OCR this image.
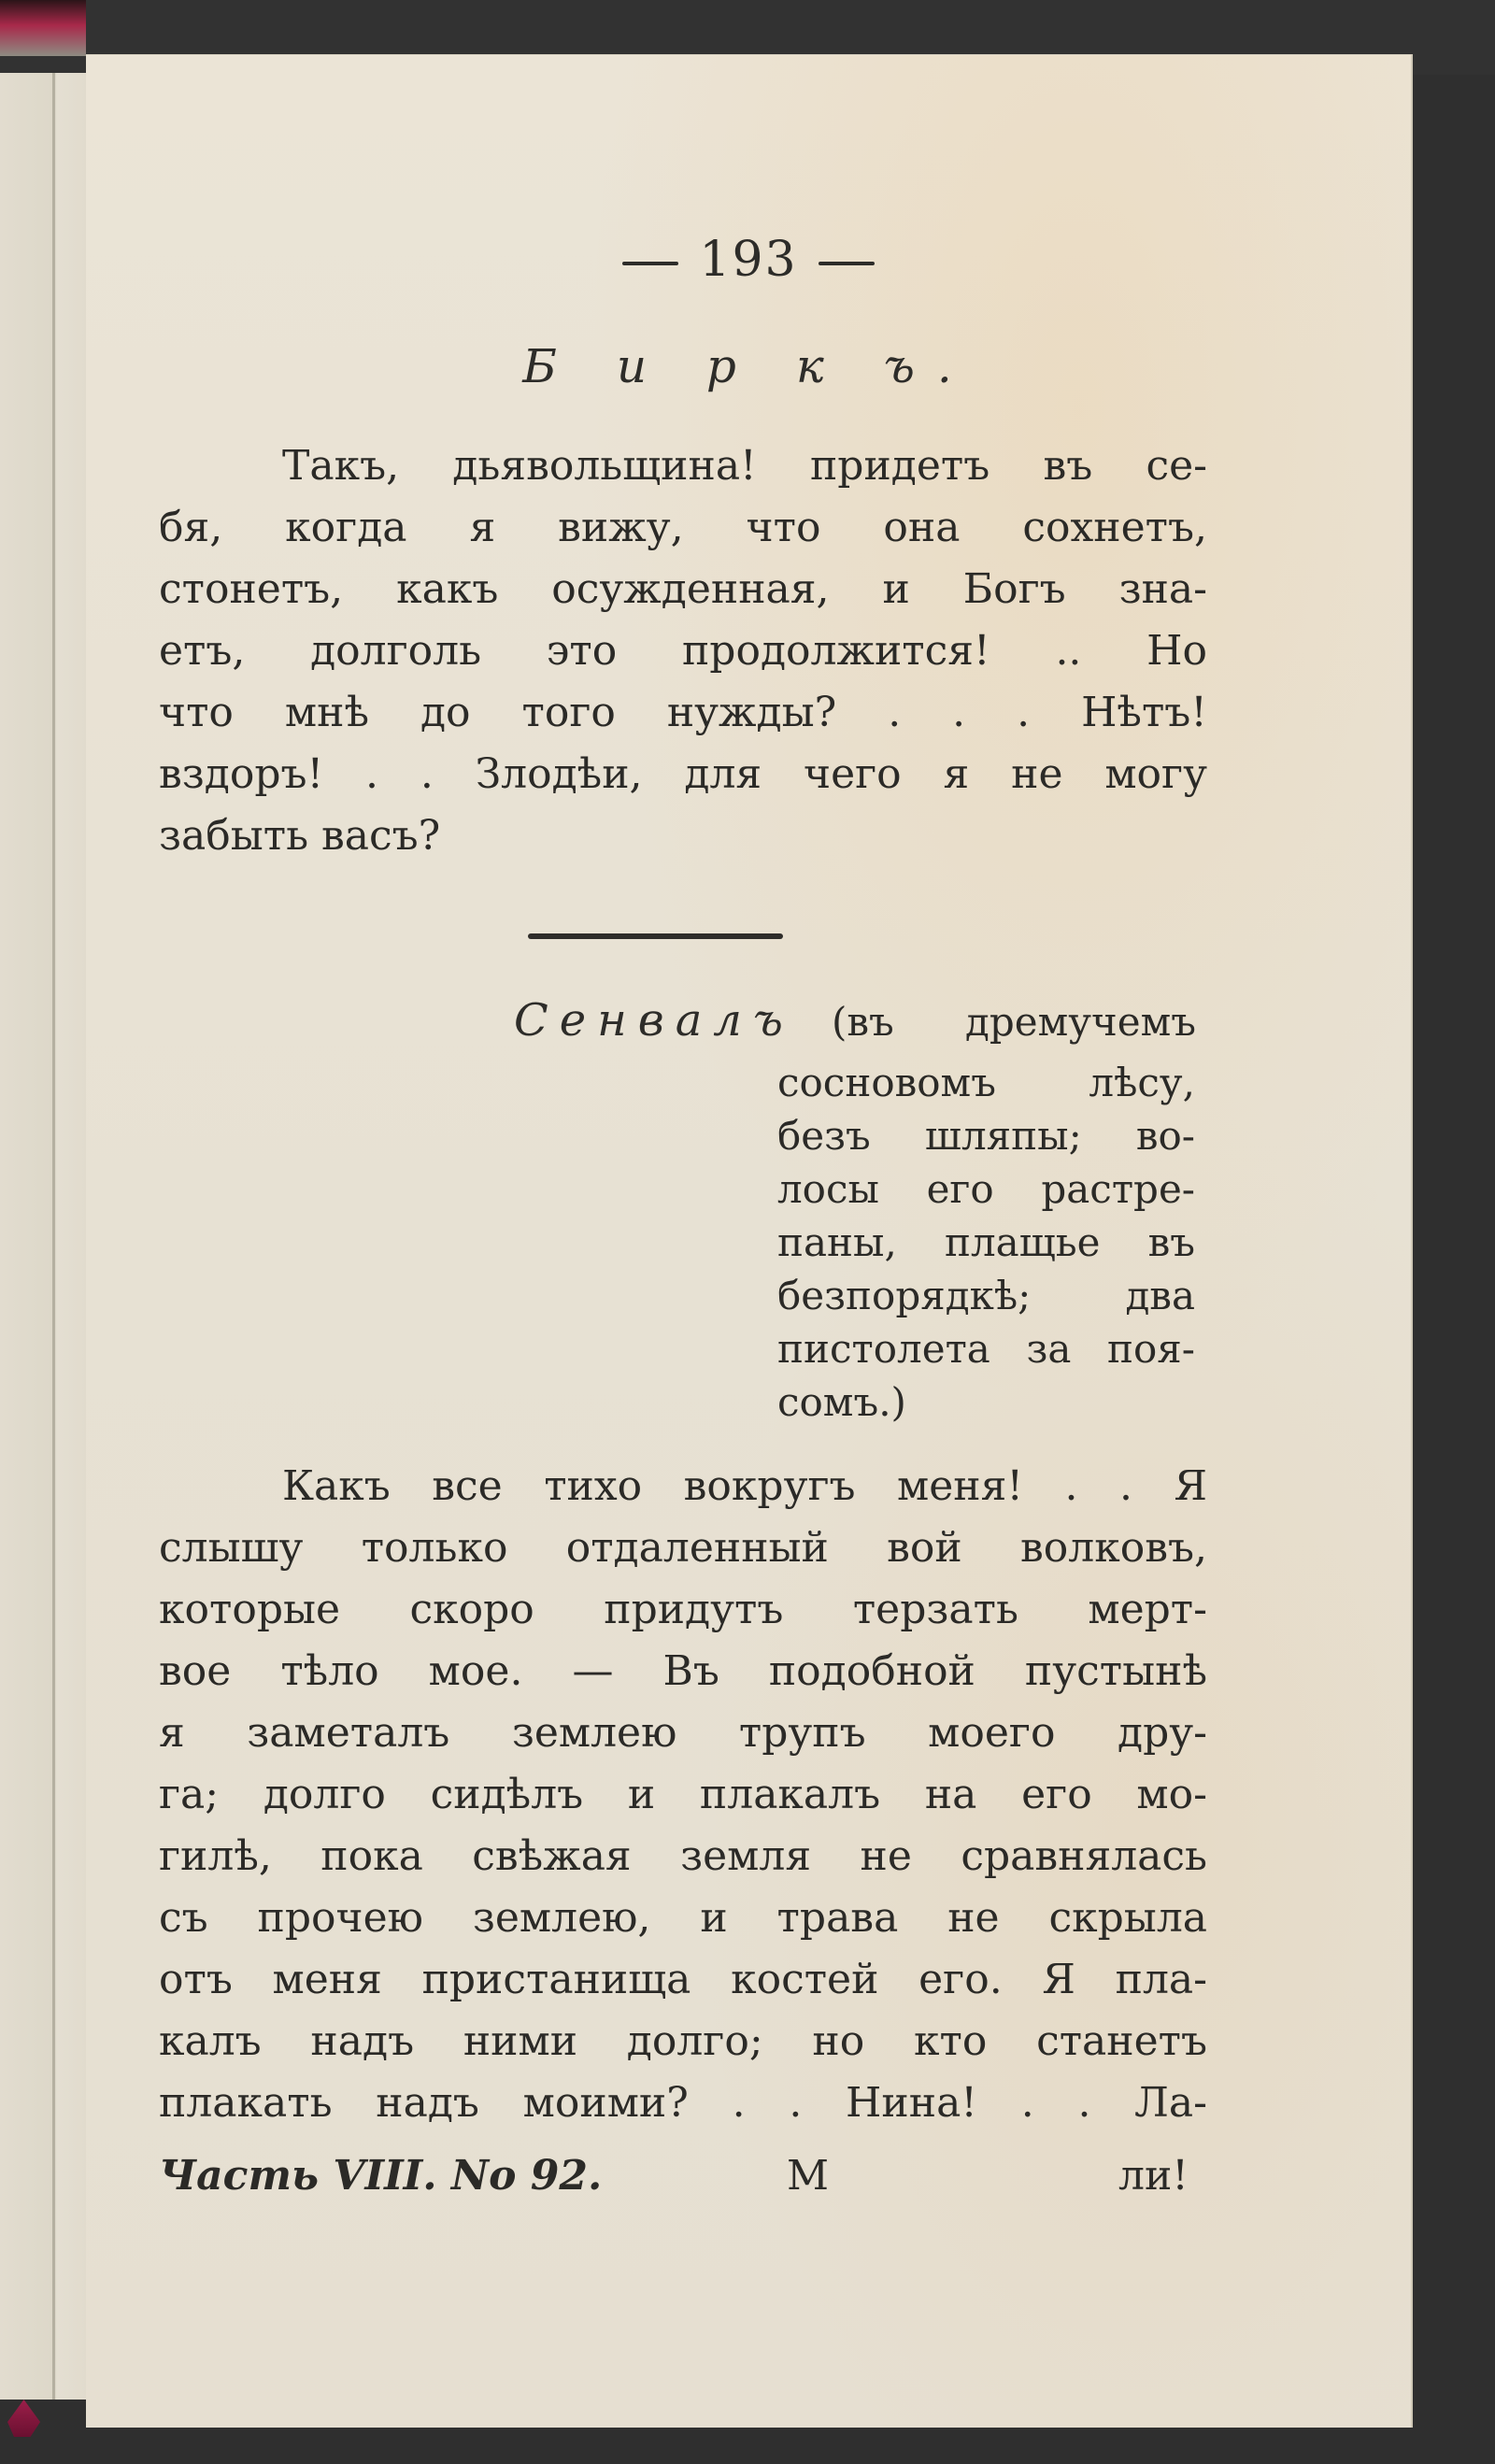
193
Б и р к ъ.
Такъ, дьявольщина! придетъ въ се-
бя, когда я вижу, что она сохнетъ,
стонетъ, какъ осужденная, и Богъ зна-
етъ, долголь это продолжится! .. Но
что мнѣ до того нужды? . . . Нѣтъ!
вздоръ! . . Злодѣи, для чего я не могу
забыть васъ?
Сенвалъ (въ дремучемъ
сосновомъ лѣсу,
безъ шляпы; во-
лосы его растре-
паны, плащье въ
безпорядкѣ; два
пистолета за поя-
сомъ.)
Какъ все тихо вокругъ меня! . . Я
слышу только отдаленный вой волковъ,
которые скоро придутъ терзать мерт-
вое тѣло мое. — Въ подобной пустынѣ
я заметалъ землею трупъ моего дру-
га; долго сидѣлъ и плакалъ на его мо-
гилѣ, пока свѣжая земля не сравнялась
съ прочею землею, и трава не скрыла
отъ меня пристанища костей его. Я пла-
калъ надъ ними долго; но кто станетъ
плакать надъ моими? . . Нина! . . Ла-
Часть VIII. No 92.	M	ли!
